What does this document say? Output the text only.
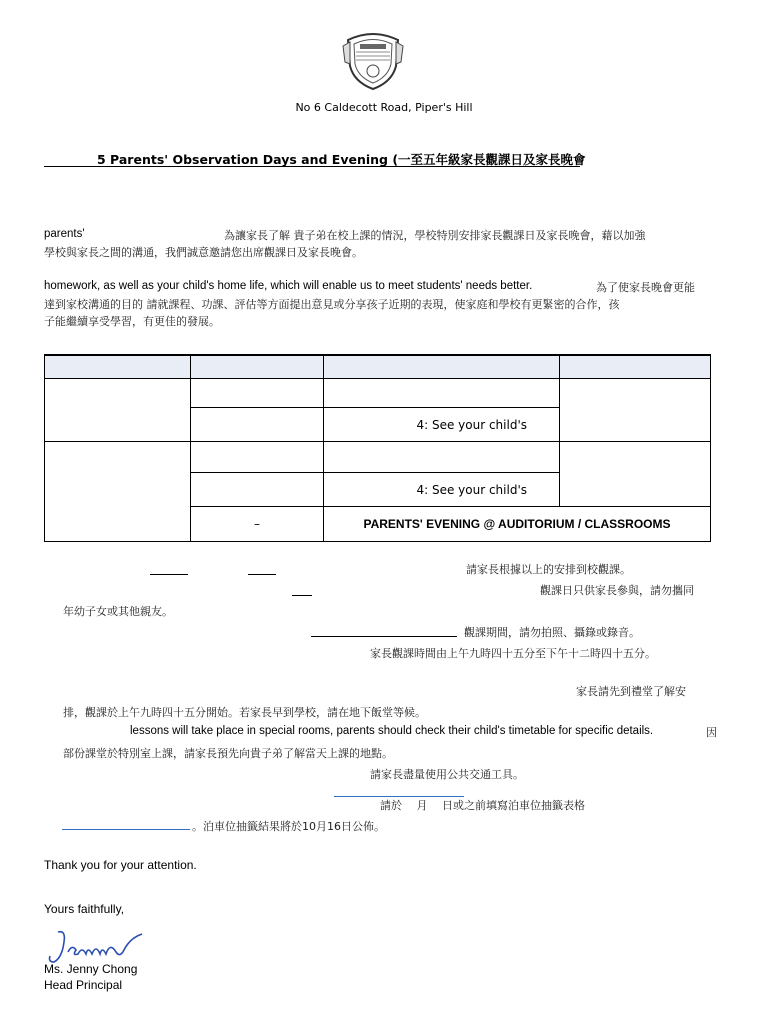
No 6 Caldecott Road, Piper's Hill
5 Parents' Observation Days and Evening (一至五年級家長觀課日及家長晚會
parents'	為讓家長了解 貴子弟在校上課的情況，學校特別安排家長觀課日及家長晚會，藉以加強
學校與家長之間的溝通，我們誠意邀請您出席觀課日及家長晚會。
homework, as well as your child's home life, which will enable us to meet students' needs better.	為了使家長晚會更能
達到家校溝通的目的 請就課程、功課、評估等方面提出意見或分享孩子近期的表現，使家庭和學校有更緊密的合作，孩
子能繼續享受學習，有更佳的發展。

		4: See your child's	

		4: See your child's	
	–	PARENTS' EVENING @ AUDITORIUM / CLASSROOMS	
請家長根據以上的安排到校觀課。
觀課日只供家長參與，請勿攜同
年幼子女或其他親友。
觀課期間，請勿拍照、攝錄或錄音。
家長觀課時間由上午九時四十五分至下午十二時四十五分。
家長請先到禮堂了解安
排，觀課於上午九時四十五分開始。若家長早到學校，請在地下飯堂等候。
lessons will take place in special rooms, parents should check their child's timetable for specific details.	因
部份課堂於特別室上課，請家長預先向貴子弟了解當天上課的地點。
請家長盡量使用公共交通工具。
請於　 月　 日或之前填寫泊車位抽籤表格
。泊車位抽籤結果將於10月16日公佈。
Thank you for your attention.
Yours faithfully,
Ms. Jenny Chong
Head Principal
